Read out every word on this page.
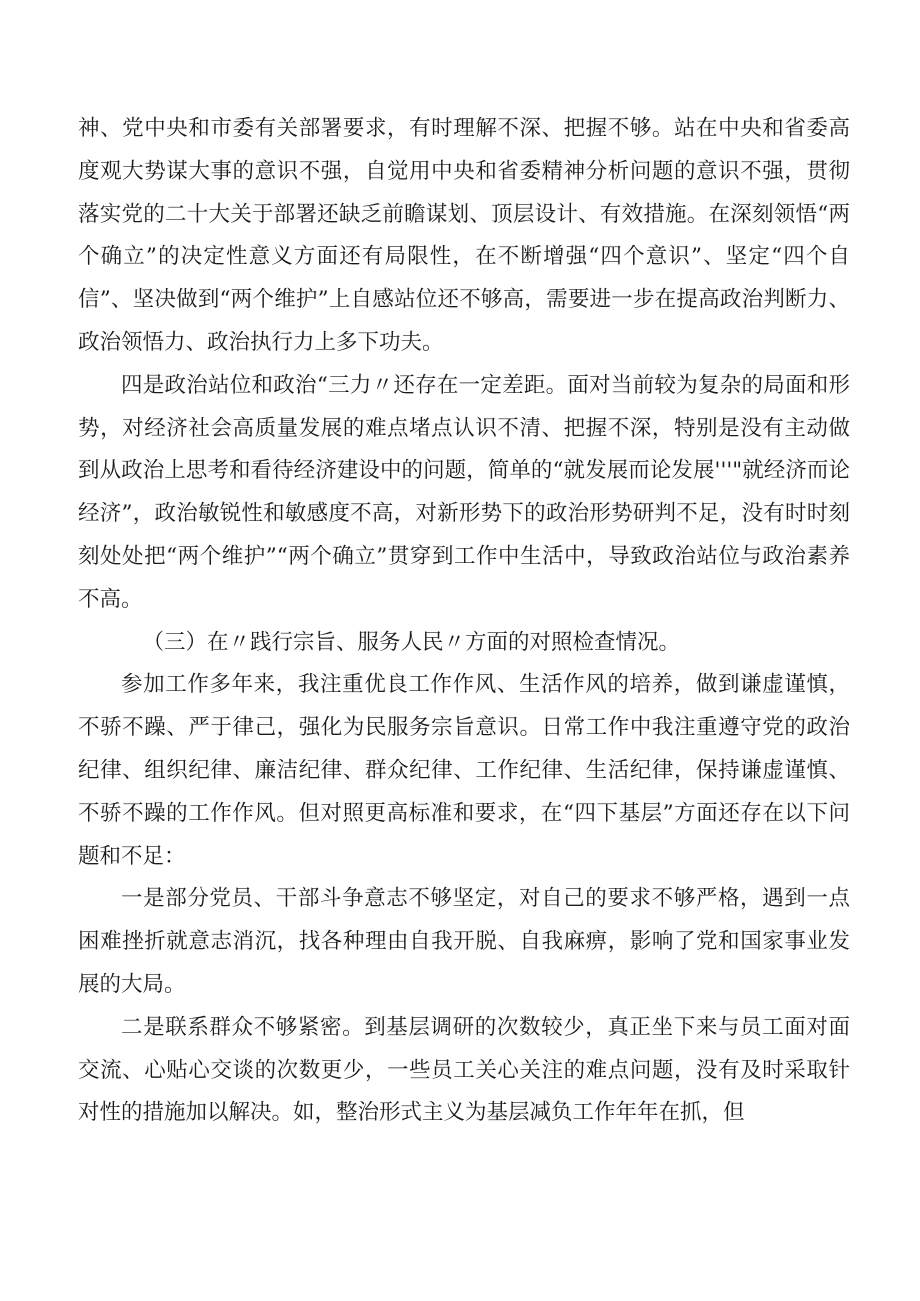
神、党中央和市委有关部署要求，有时理解不深、把握不够。站在中央和省委高度观大势谋大事的意识不强，自觉用中央和省委精神分析问题的意识不强，贯彻落实党的二十大关于部署还缺乏前瞻谋划、顶层设计、有效措施。在深刻领悟“两个确立”的决定性意义方面还有局限性，在不断增强“四个意识”、坚定“四个自信”、坚决做到“两个维护”上自感站位还不够高，需要进一步在提高政治判断力、政治领悟力、政治执行力上多下功夫。

四是政治站位和政治“三力〃还存在一定差距。面对当前较为复杂的局面和形势，对经济社会高质量发展的难点堵点认识不清、把握不深，特别是没有主动做到从政治上思考和看待经济建设中的问题，简单的“就发展而论发展'''"就经济而论经济”，政治敏锐性和敏感度不高，对新形势下的政治形势研判不足，没有时时刻刻处处把“两个维护”“两个确立”贯穿到工作中生活中，导致政治站位与政治素养不高。

（三）在〃践行宗旨、服务人民〃方面的对照检查情况。

参加工作多年来，我注重优良工作作风、生活作风的培养，做到谦虚谨慎，不骄不躁、严于律己，强化为民服务宗旨意识。日常工作中我注重遵守党的政治纪律、组织纪律、廉洁纪律、群众纪律、工作纪律、生活纪律，保持谦虚谨慎、不骄不躁的工作作风。但对照更高标准和要求，在“四下基层”方面还存在以下问题和不足：

一是部分党员、干部斗争意志不够坚定，对自己的要求不够严格，遇到一点困难挫折就意志消沉，找各种理由自我开脱、自我麻痹，影响了党和国家事业发展的大局。

二是联系群众不够紧密。到基层调研的次数较少，真正坐下来与员工面对面交流、心贴心交谈的次数更少，一些员工关心关注的难点问题，没有及时采取针对性的措施加以解决。如，整治形式主义为基层减负工作年年在抓，但
